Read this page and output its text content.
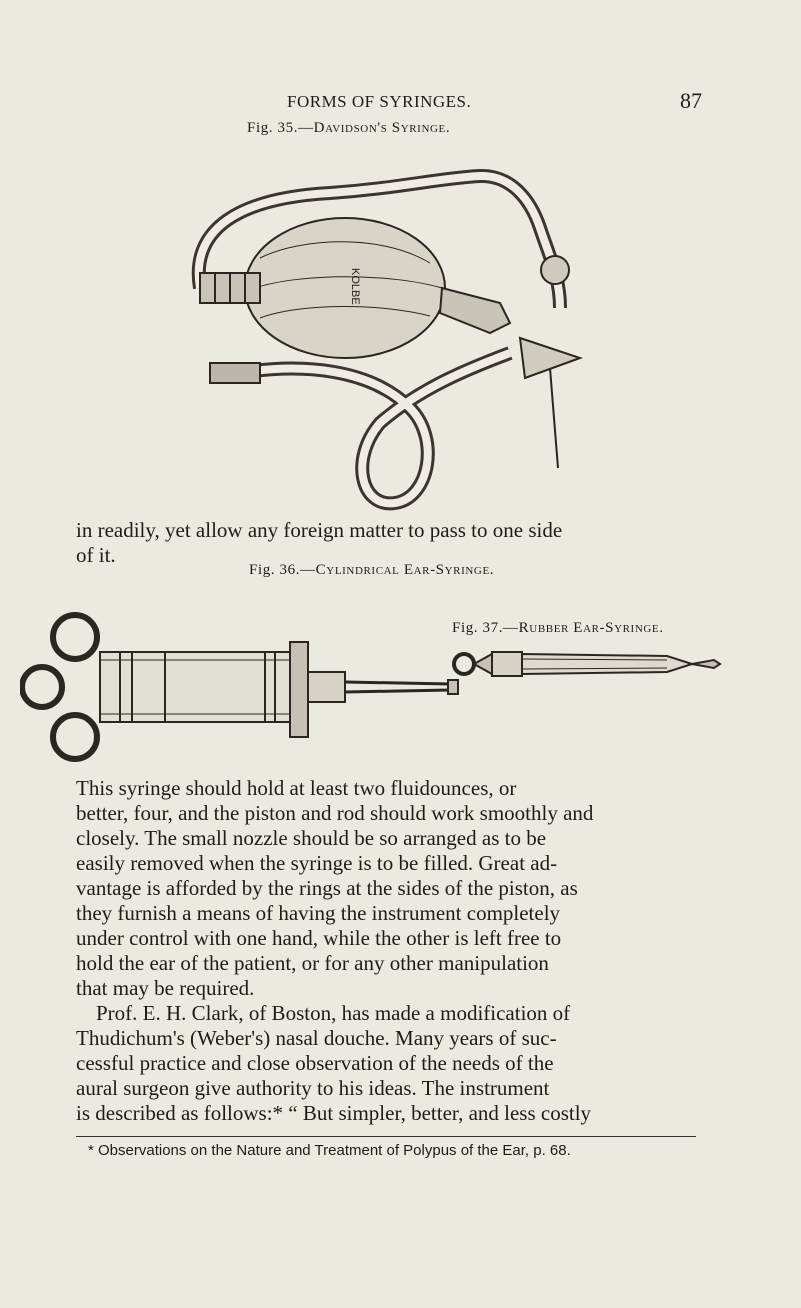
FORMS OF SYRINGES.	87
Fig. 35.—Davidson's Syringe.
KOLBE
in readily, yet allow any foreign matter to pass to one side
of it.
Fig. 36.—Cylindrical Ear-Syringe.
Fig. 37.—Rubber Ear-Syringe.
This syringe should hold at least two fluidounces, or
better, four, and the piston and rod should work smoothly and
closely. The small nozzle should be so arranged as to be
easily removed when the syringe is to be filled. Great ad-
vantage is afforded by the rings at the sides of the piston, as
they furnish a means of having the instrument completely
under control with one hand, while the other is left free to
hold the ear of the patient, or for any other manipulation
that may be required.
Prof. E. H. Clark, of Boston, has made a modification of
Thudichum's (Weber's) nasal douche. Many years of suc-
cessful practice and close observation of the needs of the
aural surgeon give authority to his ideas. The instrument
is described as follows:* “ But simpler, better, and less costly
* Observations on the Nature and Treatment of Polypus of the Ear, p. 68.
